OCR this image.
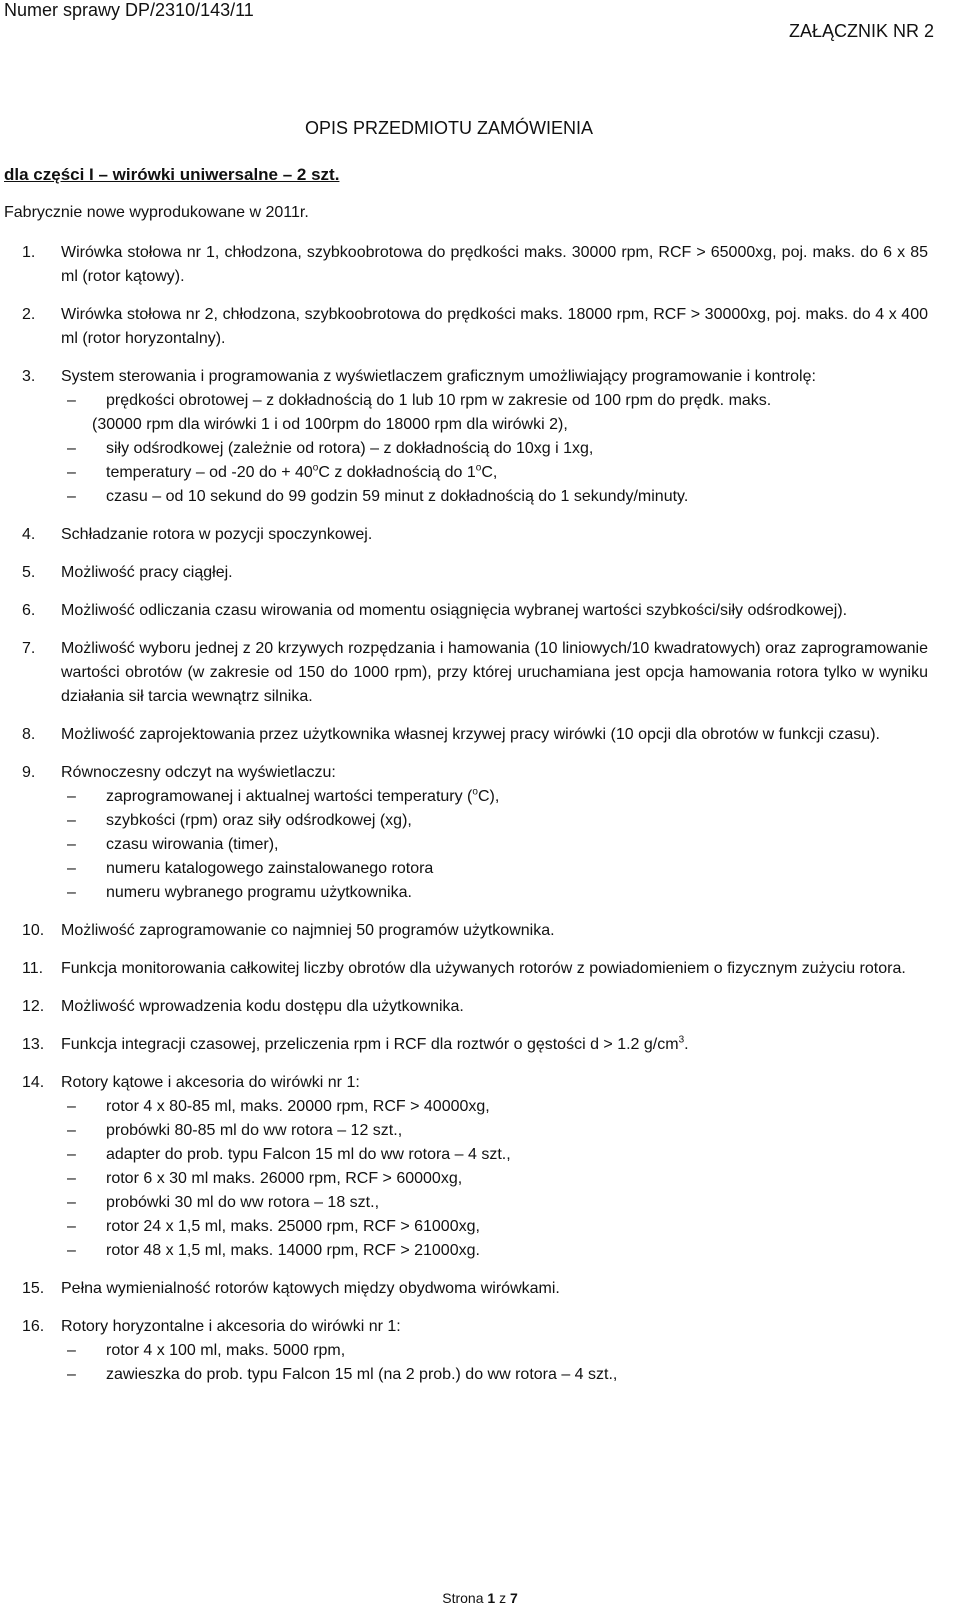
Numer sprawy DP/2310/143/11
ZAŁĄCZNIK NR 2
OPIS PRZEDMIOTU ZAMÓWIENIA
dla części I – wirówki uniwersalne – 2 szt.
Fabrycznie nowe wyprodukowane w 2011r.
1. Wirówka stołowa nr 1, chłodzona, szybkoobrotowa do prędkości maks. 30000 rpm, RCF > 65000xg, poj. maks. do 6 x 85 ml (rotor kątowy).
2. Wirówka stołowa nr 2, chłodzona, szybkoobrotowa do prędkości maks. 18000 rpm, RCF > 30000xg, poj. maks. do 4 x 400 ml (rotor horyzontalny).
3. System sterowania i programowania z wyświetlaczem graficznym umożliwiający programowanie i kontrolę:
– prędkości obrotowej – z dokładnością do 1 lub 10 rpm w zakresie od 100 rpm do prędk. maks.
(30000 rpm dla wirówki 1 i od 100rpm do 18000 rpm dla wirówki 2),
– siły odśrodkowej (zależnie od rotora) – z dokładnością do 10xg i 1xg,
– temperatury – od -20 do + $40^oC$ z dokładnością do 1$^o$C,
– czasu – od 10 sekund do 99 godzin 59 minut z dokładnością do 1 sekundy/minuty.
4. Schładzanie rotora w pozycji spoczynkowej.
5. Możliwość pracy ciągłej.
6. Możliwość odliczania czasu wirowania od momentu osiągnięcia wybranej wartości szybkości/siły odśrodkowej).
7. Możliwość wyboru jednej z 20 krzywych rozpędzania i hamowania (10 liniowych/10 kwadratowych) oraz zaprogramowanie wartości obrotów (w zakresie od 150 do 1000 rpm), przy której uruchamiana jest opcja hamowania rotora tylko w wyniku działania sił tarcia wewnątrz silnika.
8. Możliwość zaprojektowania przez użytkownika własnej krzywej pracy wirówki (10 opcji dla obrotów w funkcji czasu).
9. Równoczesny odczyt na wyświetlaczu:
– zaprogramowanej i aktualnej wartości temperatury ($^o$C),
– szybkości (rpm) oraz siły odśrodkowej (xg),
– czasu wirowania (timer),
– numeru katalogowego zainstalowanego rotora
– numeru wybranego programu użytkownika.
10. Możliwość zaprogramowanie co najmniej 50 programów użytkownika.
11. Funkcja monitorowania całkowitej liczby obrotów dla używanych rotorów z powiadomieniem o fizycznym zużyciu rotora.
12. Możliwość wprowadzenia kodu dostępu dla użytkownika.
13. Funkcja integracji czasowej, przeliczenia rpm i RCF dla roztwór o gęstości d > 1.2 $g/cm^3$.
14. Rotory kątowe i akcesoria do wirówki nr 1:
– rotor 4 x 80-85 ml, maks. 20000 rpm, RCF > 40000xg,
– probówki 80-85 ml do ww rotora – 12 szt.,
– adapter do prob. typu Falcon 15 ml do ww rotora – 4 szt.,
– rotor 6 x 30 ml maks. 26000 rpm, RCF > 60000xg,
– probówki 30 ml do ww rotora – 18 szt.,
– rotor 24 x 1,5 ml, maks. 25000 rpm, RCF > 61000xg,
– rotor 48 x 1,5 ml, maks. 14000 rpm, RCF > 21000xg.
15. Pełna wymienialność rotorów kątowych między obydwoma wirówkami.
16. Rotory horyzontalne i akcesoria do wirówki nr 1:
– rotor 4 x 100 ml, maks. 5000 rpm,
– zawieszka do prob. typu Falcon 15 ml (na 2 prob.) do ww rotora – 4 szt.,
Strona 1 z 7
